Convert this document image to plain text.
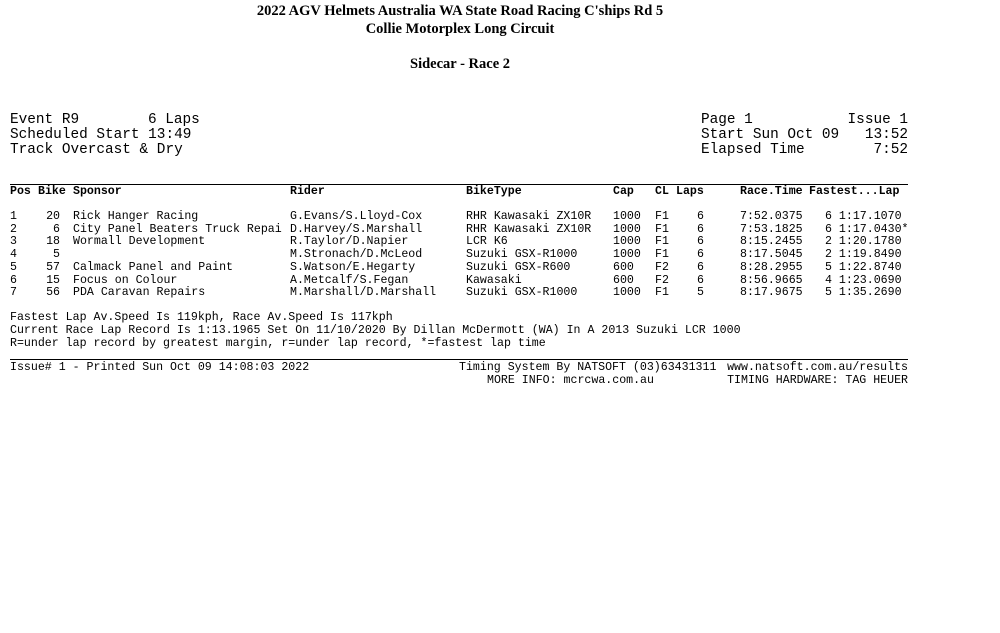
2022 AGV Helmets Australia WA State Road Racing C'ships Rd 5
Collie Motorplex Long Circuit
Sidecar - Race 2
Event R9	6 Laps
Scheduled Start 13:49
Track Overcast & Dry
Page 1	Issue 1
Start Sun Oct 09	13:52
Elapsed Time	7:52
Pos Bike Sponsor	Rider	BikeType	Cap CL Laps	Race.Time Fastest...Lap
1	20 Rick Hanger Racing	G.Evans/S.Lloyd-Cox	RHR Kawasaki ZX10R 1000 F1	6	7:52.0375 6 1:17.1070
2	6 City Panel Beaters Truck Repai D.Harvey/S.Marshall	RHR Kawasaki ZX10R 1000 F1	6	7:53.1825 6 1:17.0430*
3	18 Wormall Development	R.Taylor/D.Napier	LCR K6	1000 F1	6	8:15.2455 2 1:20.1780
4	5	M.Stronach/D.McLeod	Suzuki GSX-R1000	1000 F1	6	8:17.5045 2 1:19.8490
5	57 Calmack Panel and Paint	S.Watson/E.Hegarty	Suzuki GSX-R600	600 F2	6	8:28.2955 5 1:22.8740
6	15 Focus on Colour	A.Metcalf/S.Fegan	Kawasaki	600 F2	6	8:56.9665 4 1:23.0690
7	56 PDA Caravan Repairs	M.Marshall/D.Marshall	Suzuki GSX-R1000	1000 F1	5	8:17.9675 5 1:35.2690
Fastest Lap Av.Speed Is 119kph, Race Av.Speed Is 117kph
Current Race Lap Record Is 1:13.1965 Set On 11/10/2020 By Dillan McDermott (WA) In A 2013 Suzuki LCR 1000
R=under lap record by greatest margin, r=under lap record, *=fastest lap time
Issue# 1 - Printed Sun Oct 09 14:08:03 2022	Timing System By NATSOFT (03)63431311 www.natsoft.com.au/results
MORE INFO: mcrcwa.com.au	TIMING HARDWARE: TAG HEUER
